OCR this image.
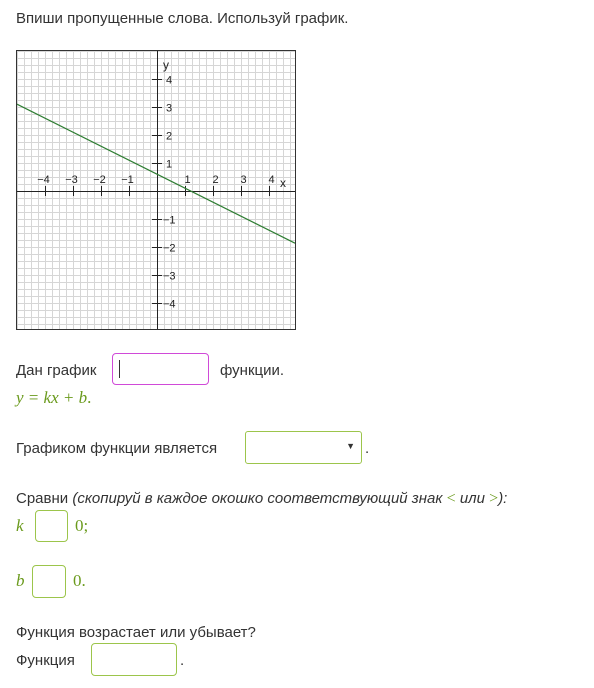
Впиши пропущенные слова. Используй график.
−4 −3 −2 −1	1 2 3 4
4
3
2
1
−1
−2
−3
−4
x
y
Дан график	функции.
y = kx + b.
Графиком функции является	▼ .
Сравни (скопируй в каждое окошко соответствующий знак < или >):
k	0;
b	0.
Функция возрастает или убывает?
Функция	.
